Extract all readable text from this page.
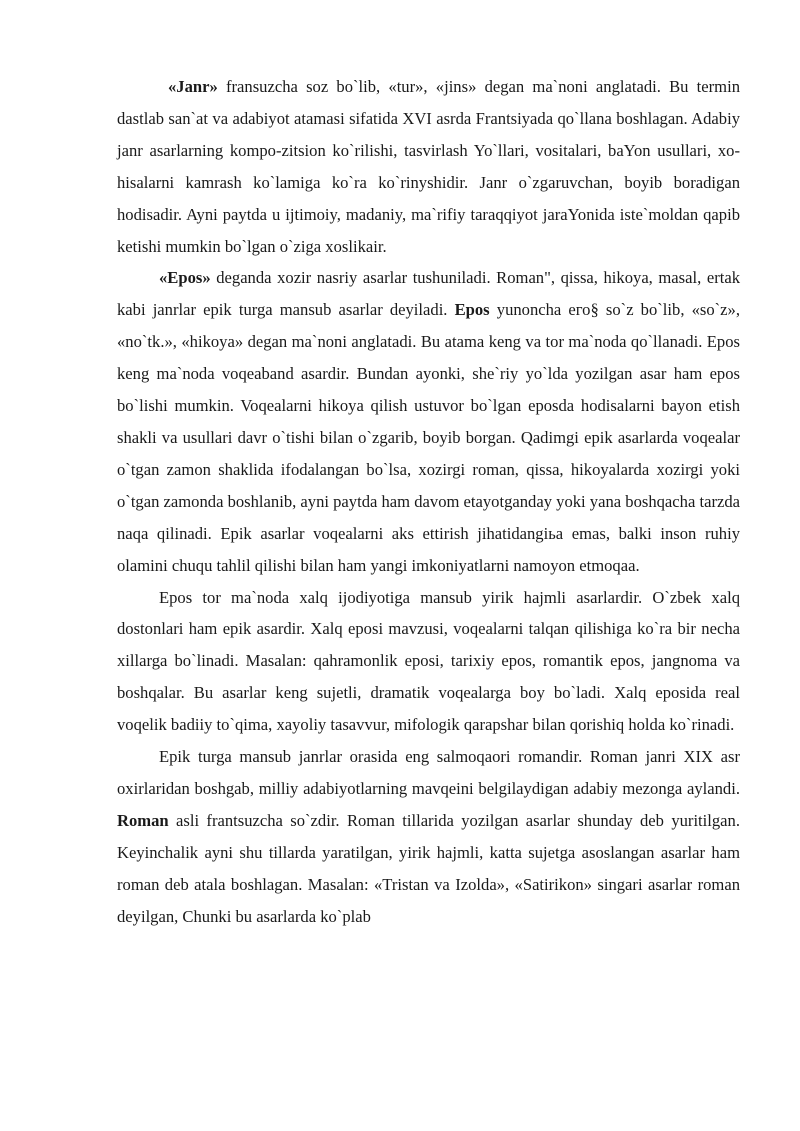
«Janr» fransuzcha soz bo`lib, «tur», «jins» degan ma`noni anglatadi. Bu termin dastlab san`at va adabiyot atamasi sifatida XVI asrda Frantsiyada qo`llana boshlagan. Adabiy janr asarlarning kompo-zitsion ko`rilishi, tasvirlash Yo`llari, vositalari, baYon usullari, xo-hisalarni kamrash ko`lamiga ko`ra ko`rinyshidir. Janr o`zgaruvchan, boyib boradigan hodisadir. Ayni paytda u ijtimoiy, madaniy, ma`rifiy taraqqiyot jaraYonida iste`moldan qapib ketishi mumkin bo`lgan o`ziga xoslikair.

«Epos» deganda xozir nasriy asarlar tushuniladi. Roman", qissa, hikoya, masal, ertak kabi janrlar epik turga mansub asarlar deyiladi. Epos yunoncha eго§ so`z bo`lib, «so`z», «no`tk.», «hikoya» degan ma`noni anglatadi. Bu atama keng va tor ma`noda qo`llanadi. Epos keng ma`noda voqeaband asardir. Bundan ayonki, she`riy yo`lda yozilgan asar ham epos bo`lishi mumkin. Voqealarni hikoya qilish ustuvor bo`lgan eposda hodisalarni bayon etish shakli va usullari davr o`tishi bilan o`zgarib, boyib borgan. Qadimgi epik asarlarda voqealar o`tgan zamon shaklida ifodalangan bo`lsa, xozirgi roman, qissa, hikoyalarda xozirgi yoki o`tgan zamonda boshlanib, ayni paytda ham davom etayotganday yoki yana boshqacha tarzda naqa qilinadi. Epik asarlar voqealarni aks ettirish jihatidangiьа emas, balki inson ruhiy olamini chuqu tahlil qilishi bilan ham yangi imkoniyatlarni namoyon etmoqaa.

Epos tor ma`noda xalq ijodiyotiga mansub yirik hajmli asarlardir. O`zbek xalq dostonlari ham epik asardir. Xalq eposi mavzusi, voqealarni talqan qilishiga ko`ra bir necha xillarga bo`linadi. Masalan: qahramonlik eposi, tarixiy epos, romantik epos, jangnoma va boshqalar. Bu asarlar keng sujetli, dramatik voqealarga boy bo`ladi. Xalq eposida real voqelik badiiy to`qima, xayoliy tasavvur, mifologik qarapshar bilan qorishiq holda ko`rinadi.

Epik turga mansub janrlar orasida eng salmoqaori romandir. Roman janri XIX asr oxirlaridan boshgab, milliy adabiyotlarning mavqeini belgilaydigan adabiy mezonga aylandi. Roman asli frantsuzcha so`zdir. Roman tillarida yozilgan asarlar shunday deb yuritilgan. Keyinchalik ayni shu tillarda yaratilgan, yirik hajmli, katta sujetga asoslangan asarlar ham roman deb atala boshlagan. Masalan: «Tristan va Izolda», «Satirikon» singari asarlar roman deyilgan, Chunki bu asarlarda ko`plab
